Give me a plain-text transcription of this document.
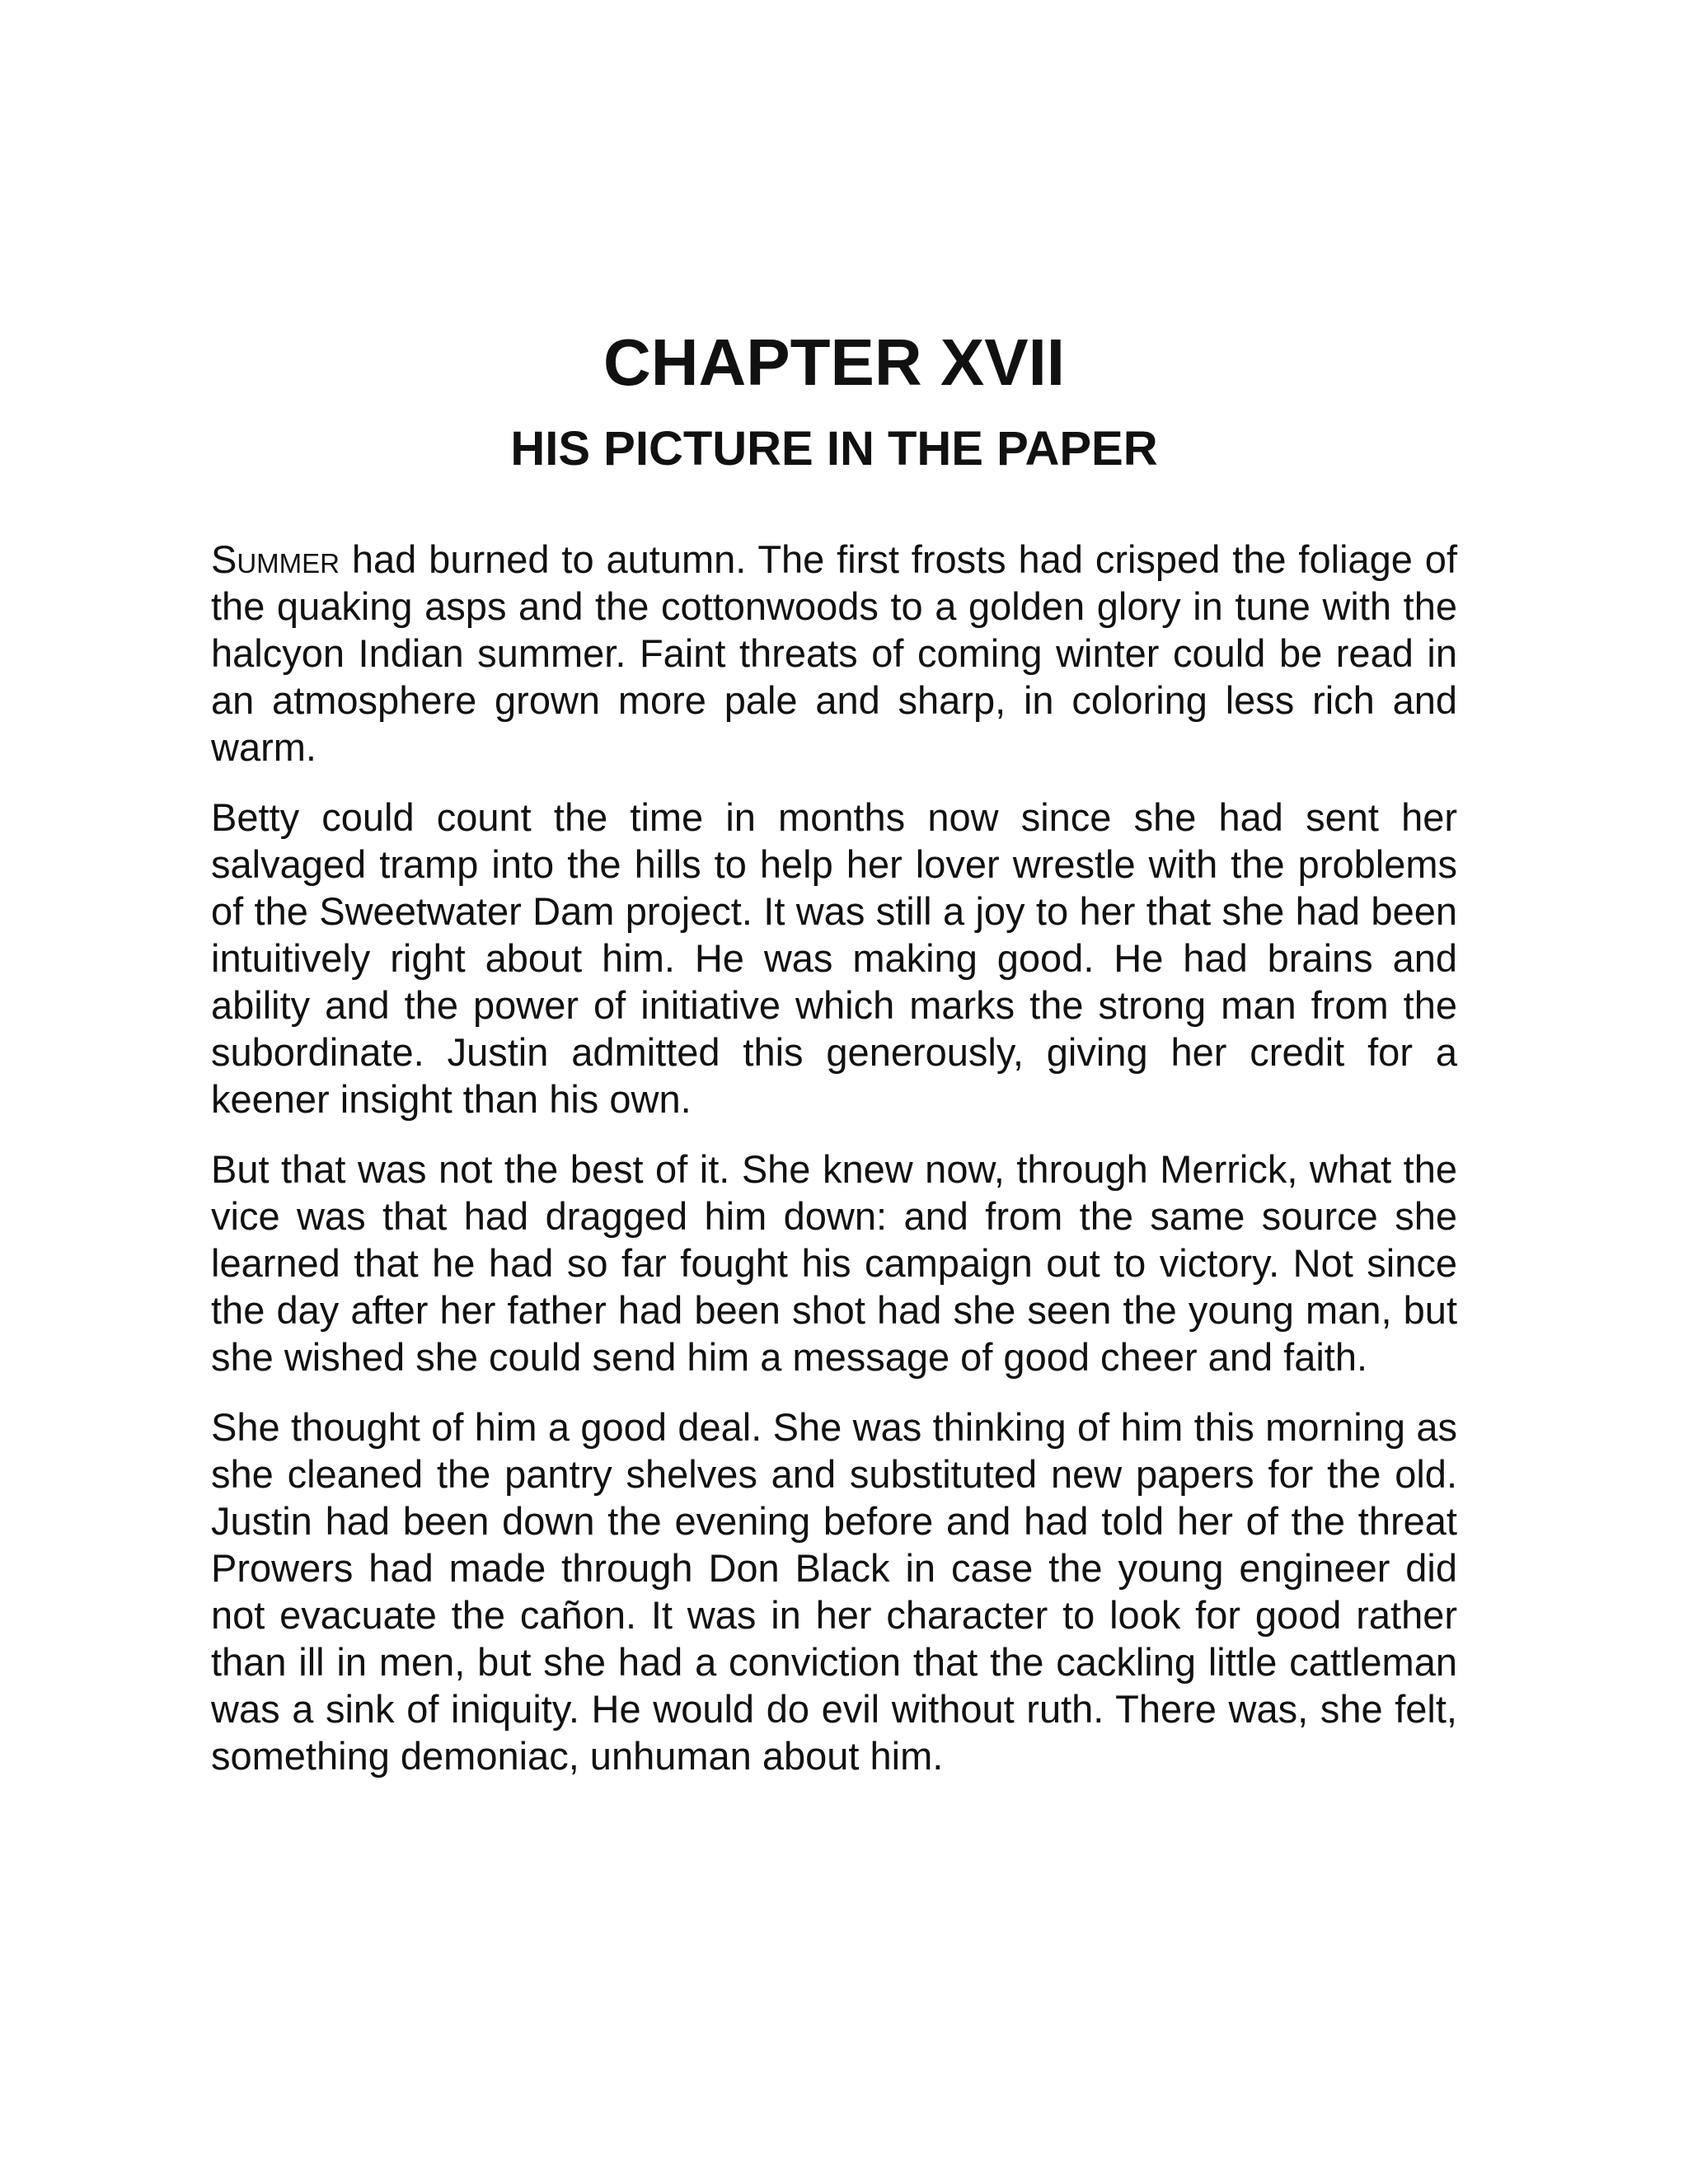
CHAPTER XVII
HIS PICTURE IN THE PAPER

Summer had burned to autumn. The first frosts had crisped the foliage of the quaking asps and the cottonwoods to a golden glory in tune with the halcyon Indian summer. Faint threats of coming winter could be read in an atmosphere grown more pale and sharp, in coloring less rich and warm.

Betty could count the time in months now since she had sent her salvaged tramp into the hills to help her lover wrestle with the problems of the Sweetwater Dam project. It was still a joy to her that she had been intuitively right about him. He was making good. He had brains and ability and the power of initiative which marks the strong man from the subordinate. Justin admitted this generously, giving her credit for a keener insight than his own.

But that was not the best of it. She knew now, through Merrick, what the vice was that had dragged him down: and from the same source she learned that he had so far fought his campaign out to victory. Not since the day after her father had been shot had she seen the young man, but she wished she could send him a message of good cheer and faith.

She thought of him a good deal. She was thinking of him this morning as she cleaned the pantry shelves and substituted new papers for the old. Justin had been down the evening before and had told her of the threat Prowers had made through Don Black in case the young engineer did not evacuate the cañon. It was in her character to look for good rather than ill in men, but she had a conviction that the cackling little cattleman was a sink of iniquity. He would do evil without ruth. There was, she felt, something demoniac, unhuman about him.
